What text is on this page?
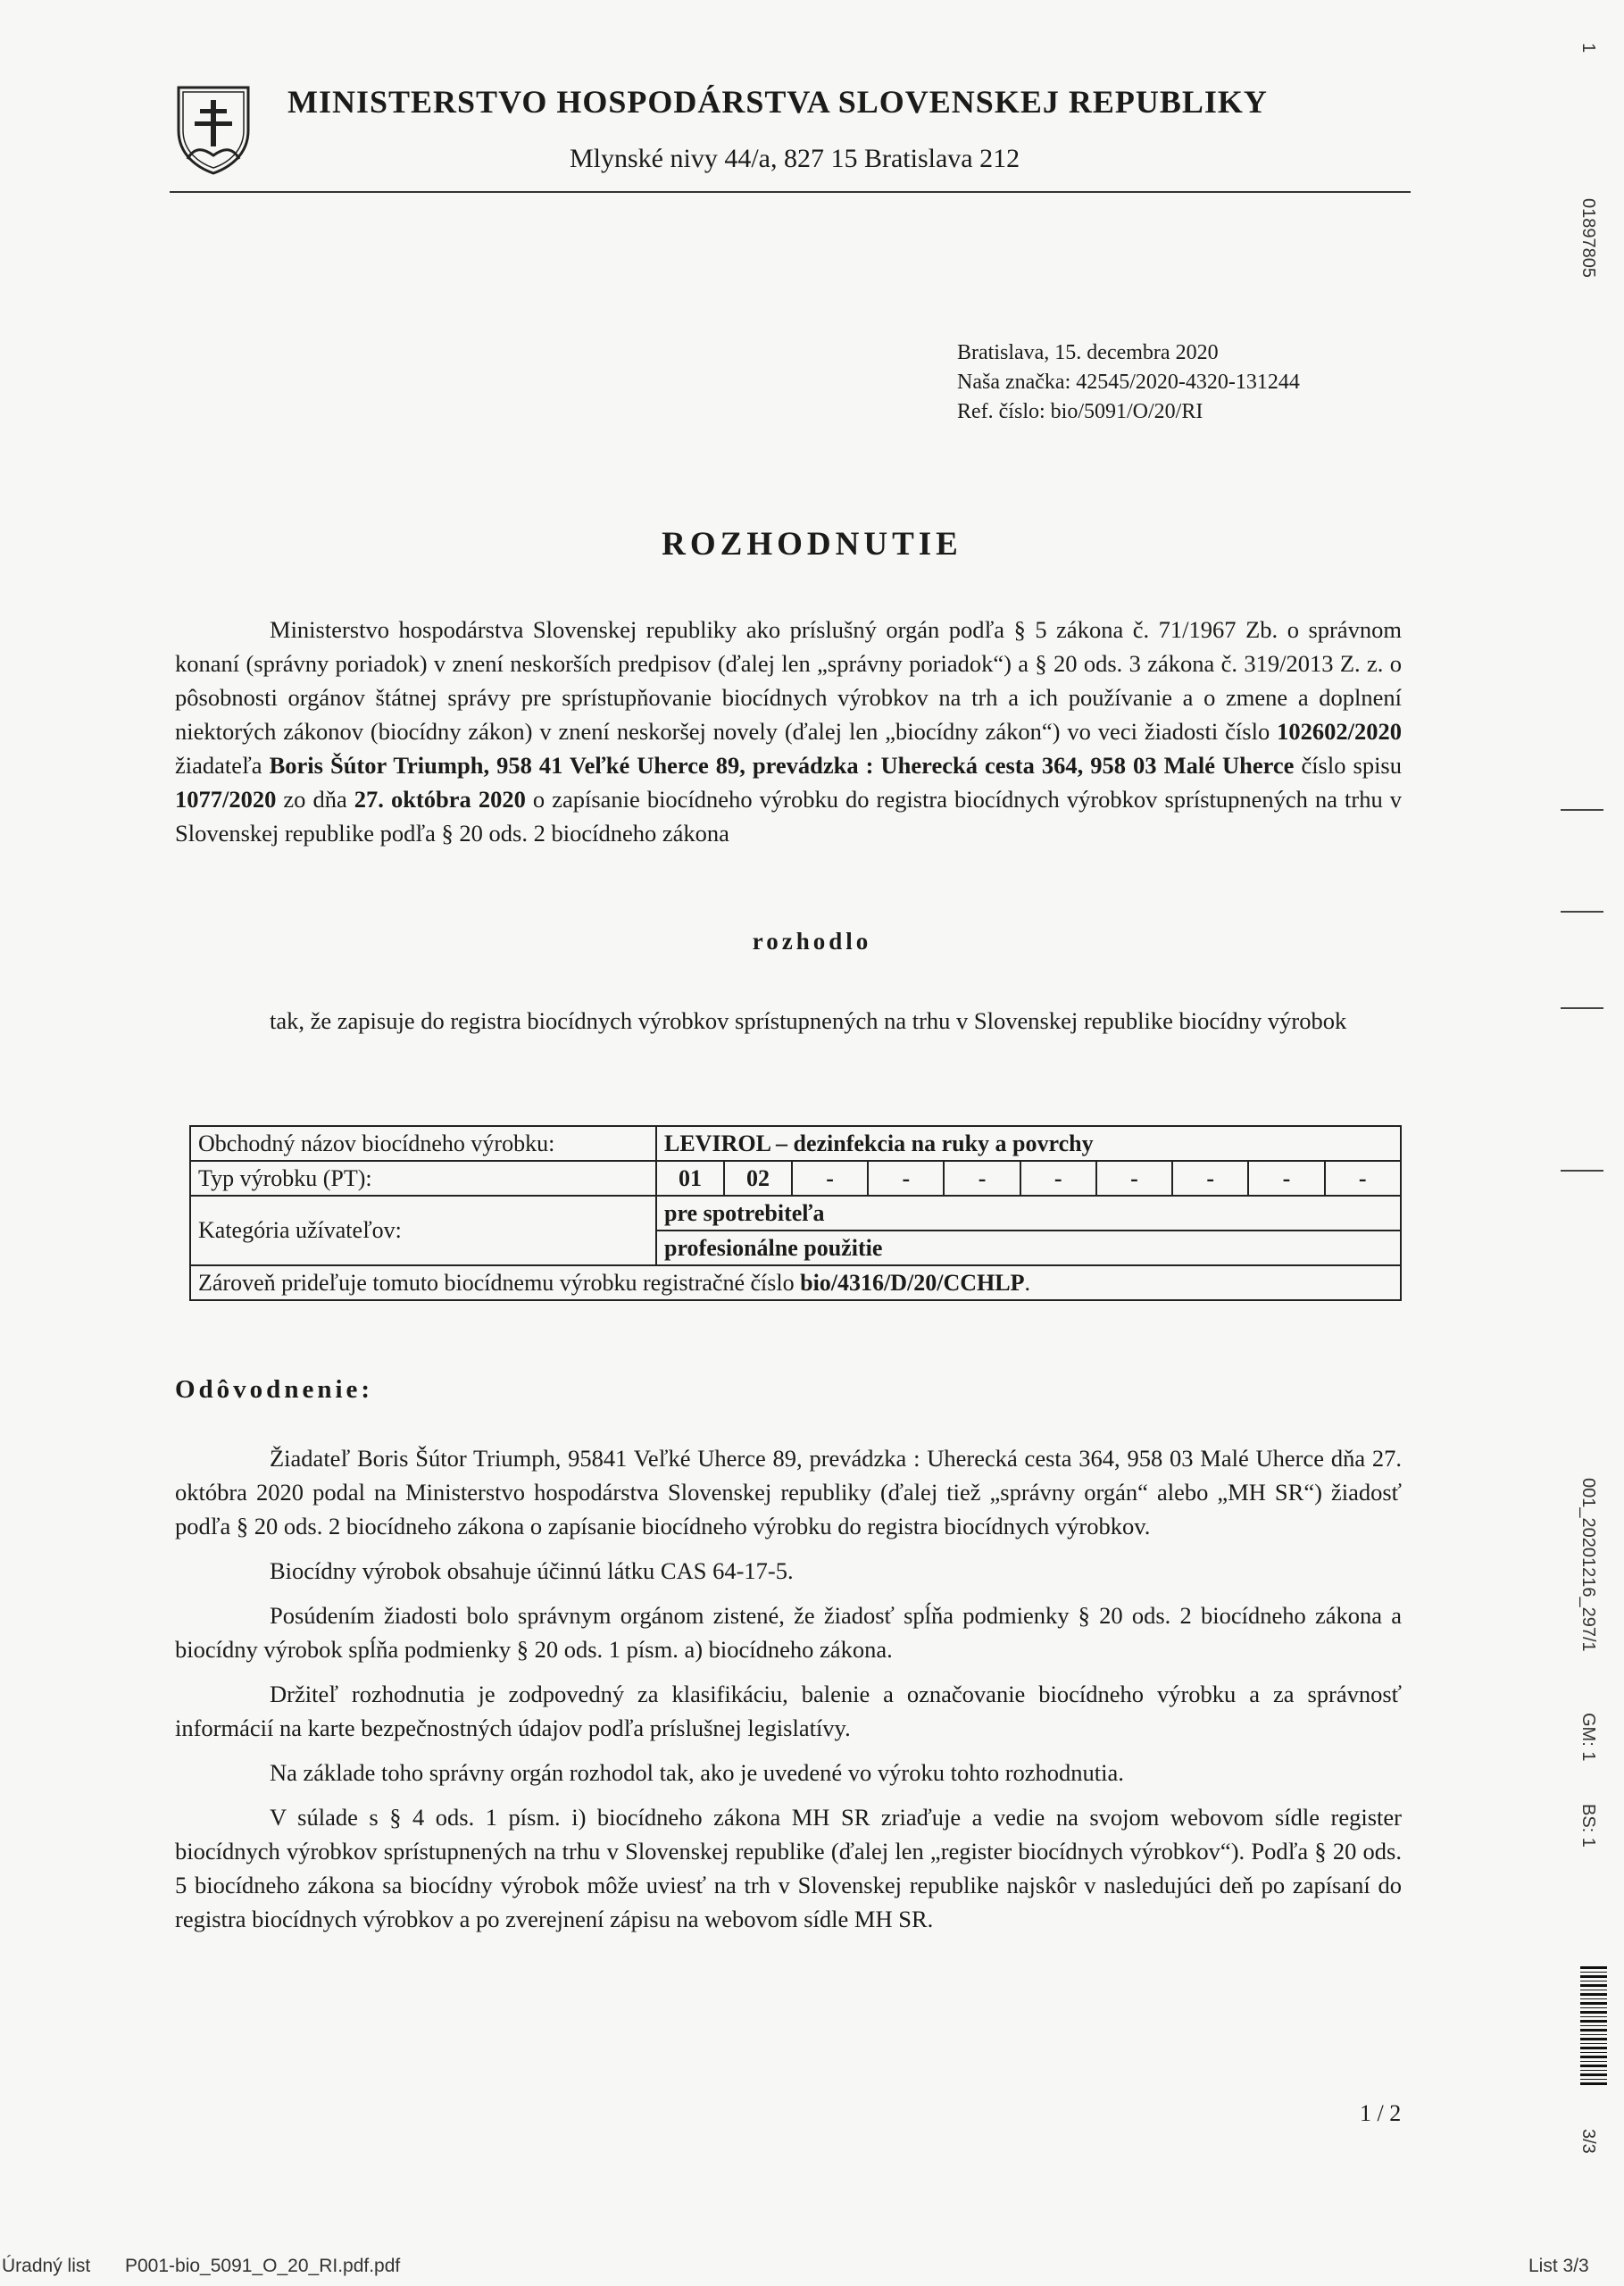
MINISTERSTVO HOSPODÁRSTVA SLOVENSKEJ REPUBLIKY
Mlynské nivy 44/a, 827 15 Bratislava 212
Bratislava, 15. decembra 2020
Naša značka: 42545/2020-4320-131244
Ref. číslo: bio/5091/O/20/RI
ROZHODNUTIE
Ministerstvo hospodárstva Slovenskej republiky ako príslušný orgán podľa § 5 zákona č. 71/1967 Zb. o správnom konaní (správny poriadok) v znení neskorších predpisov (ďalej len „správny poriadok“) a § 20 ods. 3 zákona č. 319/2013 Z. z. o pôsobnosti orgánov štátnej správy pre sprístupňovanie biocídnych výrobkov na trh a ich používanie a o zmene a doplnení niektorých zákonov (biocídny zákon) v znení neskoršej novely (ďalej len „biocídny zákon“) vo veci žiadosti číslo 102602/2020 žiadateľa Boris Šútor Triumph, 958 41 Veľké Uherce 89, prevádzka : Uherecká cesta 364, 958 03 Malé Uherce číslo spisu 1077/2020 zo dňa 27. októbra 2020 o zapísanie biocídneho výrobku do registra biocídnych výrobkov sprístupnených na trhu v Slovenskej republike podľa § 20 ods. 2 biocídneho zákona
rozhodlo
tak, že zapisuje do registra biocídnych výrobkov sprístupnených na trhu v Slovenskej republike biocídny výrobok
Obchodný názov biocídneho výrobku:	LEVIROL – dezinfekcia na ruky a povrchy									
Typ výrobku (PT):	01	02	-	-	-	-	-	-	-	-
Kategória užívateľov:	pre spotrebiteľa									
	profesionálne použitie									
Zároveň prideľuje tomuto biocídnemu výrobku registračné číslo bio/4316/D/20/CCHLP.										
Odôvodnenie:

Žiadateľ Boris Šútor Triumph, 95841 Veľké Uherce 89, prevádzka : Uherecká cesta 364, 958 03 Malé Uherce dňa 27. októbra 2020 podal na Ministerstvo hospodárstva Slovenskej republiky (ďalej tiež „správny orgán“ alebo „MH SR“) žiadosť podľa § 20 ods. 2 biocídneho zákona o zapísanie biocídneho výrobku do registra biocídnych výrobkov.

Biocídny výrobok obsahuje účinnú látku CAS 64-17-5.

Posúdením žiadosti bolo správnym orgánom zistené, že žiadosť spĺňa podmienky § 20 ods. 2 biocídneho zákona a biocídny výrobok spĺňa podmienky § 20 ods. 1 písm. a) biocídneho zákona.

Držiteľ rozhodnutia je zodpovedný za klasifikáciu, balenie a označovanie biocídneho výrobku a za správnosť informácií na karte bezpečnostných údajov podľa príslušnej legislatívy.

Na základe toho správny orgán rozhodol tak, ako je uvedené vo výroku tohto rozhodnutia.

V súlade s § 4 ods. 1 písm. i) biocídneho zákona MH SR zriaďuje a vedie na svojom webovom sídle register biocídnych výrobkov sprístupnených na trhu v Slovenskej republike (ďalej len „register biocídnych výrobkov“). Podľa § 20 ods. 5 biocídneho zákona sa biocídny výrobok môže uviesť na trh v Slovenskej republike najskôr v nasledujúci deň po zapísaní do registra biocídnych výrobkov a po zverejnení zápisu na webovom sídle MH SR.

1 / 2
1
01897805
001_20201216_297/1
GM: 1
BS: 1
3/3
Úradný list P001-bio_5091_O_20_RI.pdf.pdf	List 3/3
